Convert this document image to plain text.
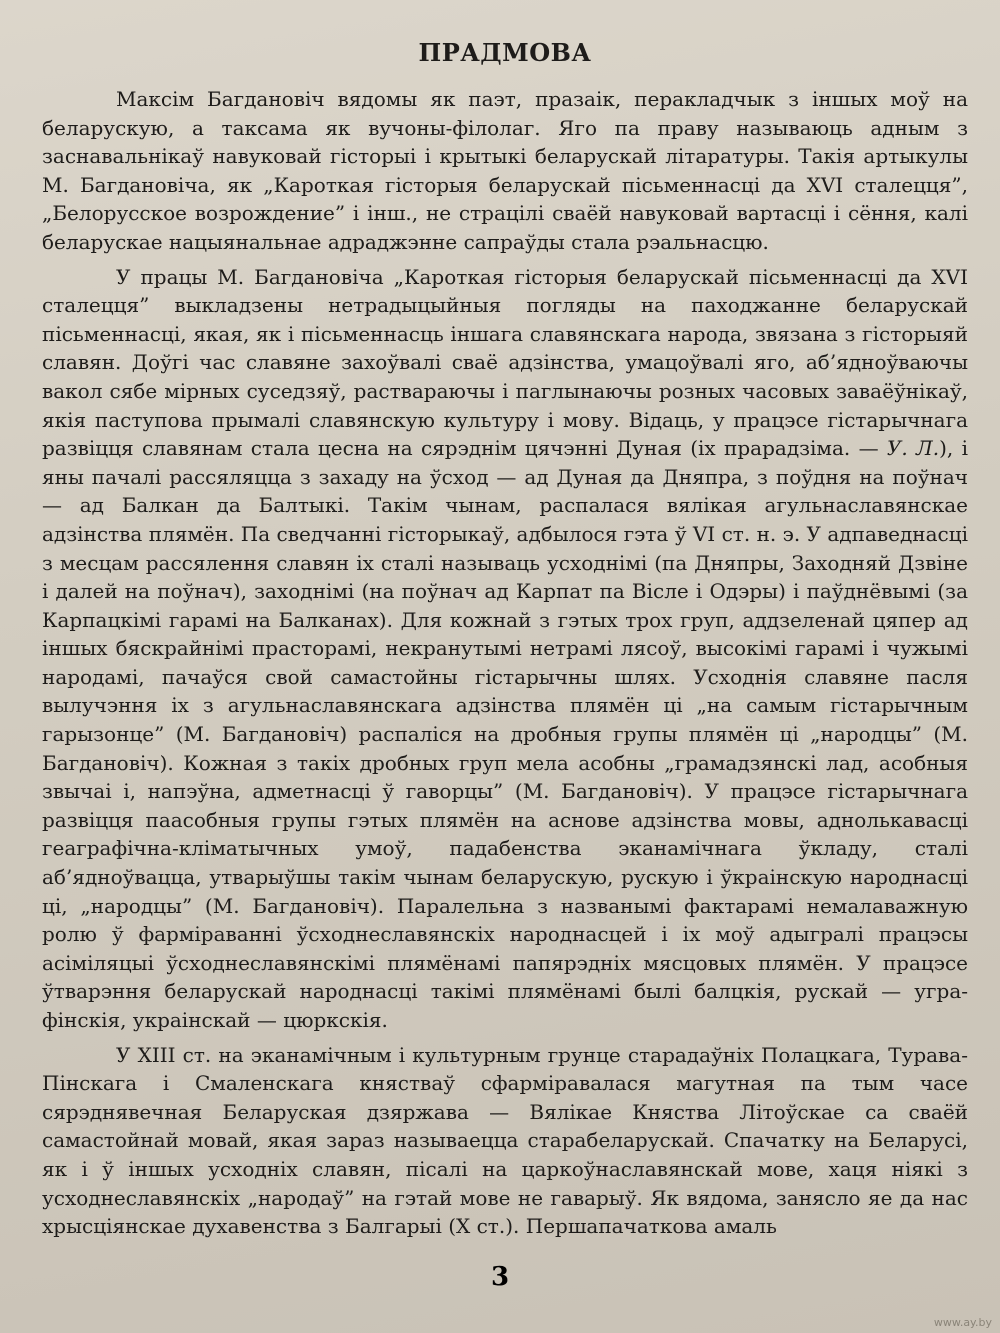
ПРАДМОВА

Максім Багдановіч вядомы як паэт, празаік, перакладчык з іншых моў на беларускую, а таксама як вучоны-філолаг. Яго па праву называюць адным з заснавальнікаў навуковай гісторыі і крытыкі беларускай літаратуры. Такія артыкулы М. Багдановіча, як „Кароткая гісторыя беларускай пісьменнасці да XVI сталецця”, „Белорусское возрождение” і інш., не страцілі свaёй навуковай вартасці і сёння, калі беларускае нацыянальнае адраджэнне сапраўды стала рэальнасцю.

У працы М. Багдановіча „Кароткая гісторыя беларускай пісьменнасці да XVI сталецця” выкладзены нетрадыцыйныя погляды на паходжанне беларускай пісьменнасці, якая, як і пісьменнасць іншага славянскага народа, звязана з гісторыяй славян. Доўгі час славяне захоўвалі сваё адзінства, умацоўвалі яго, аб’ядноўваючы вакол сябе мірных суседзяў, раствараючы і паглынаючы розных часовых заваёўнікаў, якія паступова прымалі славянскую культуру і мову. Відаць, у працэсе гістарычнага развіцця славянам стала цесна на сярэднім цячэнні Дуная (іх прарадзіма. — У. Л.), і яны пачалі рассяляцца з захаду на ўсход — ад Дуная да Дняпра, з поўдня на поўнач — ад Балкан да Балтыкі. Такім чынам, распалася вялікая агульнаславянскае адзінства плямён. Па сведчанні гісторыкаў, адбылося гэта ў VI ст. н. э. У адпаведнасці з месцам рассялення славян іх сталі называць усходнімі (па Дняпры, Заходняй Дзвіне і далей на поўнач), заходнімі (на поўнач ад Карпат па Вісле і Одэры) і паўднёвымі (за Карпацкімі гарамі на Балканах). Для кожнай з гэтых трох груп, аддзеленай цяпер ад іншых бяскрайнімі пpacторамі, некранутымі нетрамі лясоў, высокімі гарамі і чужымі народамі, пачаўся свой самастойны гістарычны шлях. Усходнія славяне пасля вылучэння іх з агульнаславянскага адзінства плямён ці „на самым гістарычным гарызонце” (М. Багдановіч) распаліся на дробныя групы плямён ці „народцы” (М. Багдановіч). Кожная з такіх дробных груп мела асобны „грамадзянскі лад, асобныя звычаі і, напэўна, адметнасці ў гаворцы” (М. Багдановіч). У працэсе гістарычнага развіцця паасобныя групы гэтых плямён на аснове адзінства мовы, аднолькавасці геаграфічна-кліматычных умоў, падабенства эканамічнага ўкладу, сталі аб’ядноўвацца, утварыўшы такім чынам беларускую, рускую і ўкраінскую народнасці ці, „народцы” (М. Багдановіч). Паралельна з названымі фактарамі немалаважную ролю ў фарміраванні ўсходнеславянскіх народнасцей і іх моў адыгралі працэсы асіміляцыі ўсходнеславянскімі плямёнамі папярэдніх мясцовых плямён. У працэсе ўтварэння беларускай народнасці такімі плямёнамі былі балцкія, рускай — угра-фінскія, украінскай — цюркскія.

У XIII ст. на эканамічным і культурным грунце старадаўніх Полацкага, Турава-Пінскага і Смаленскага княстваў сфарміравалася магутная па тым часе сярэднявечная Беларуская дзяржава — Вялікае Княства Літоўскае са сваёй самастойнай мовай, якая зараз называецца старабеларускай. Спачатку на Беларусі, як і ў іншых усходніх славян, пісалі на царкоўнаславянскай мове, хаця ніякі з усходнеславянскіх „народаў” на гэтай мове не гаварыў. Як вядома, занясло яе да нас хрысціянскае духавенства з Балгарыі (Х ст.). Першапачаткова амаль

3
www.ay.by
